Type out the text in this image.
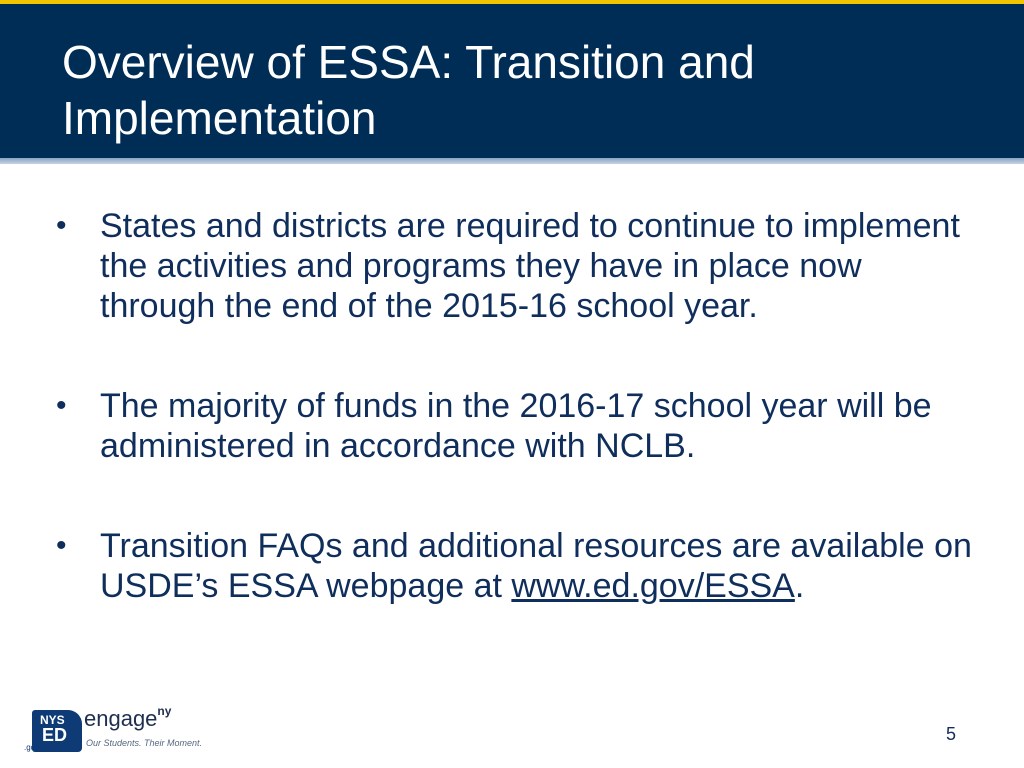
Overview of ESSA: Transition and
Implementation
• States and districts are required to continue to implement the activities and programs they have in place now through the end of the 2015-16 school year.
• The majority of funds in the 2016-17 school year will be administered in accordance with NCLB.
• Transition FAQs and additional resources are available on USDE’s ESSA webpage at www.ed.gov/ESSA.
NYS
ED
.gov
engage$^{ny}$
Our Students. Their Moment.	5
